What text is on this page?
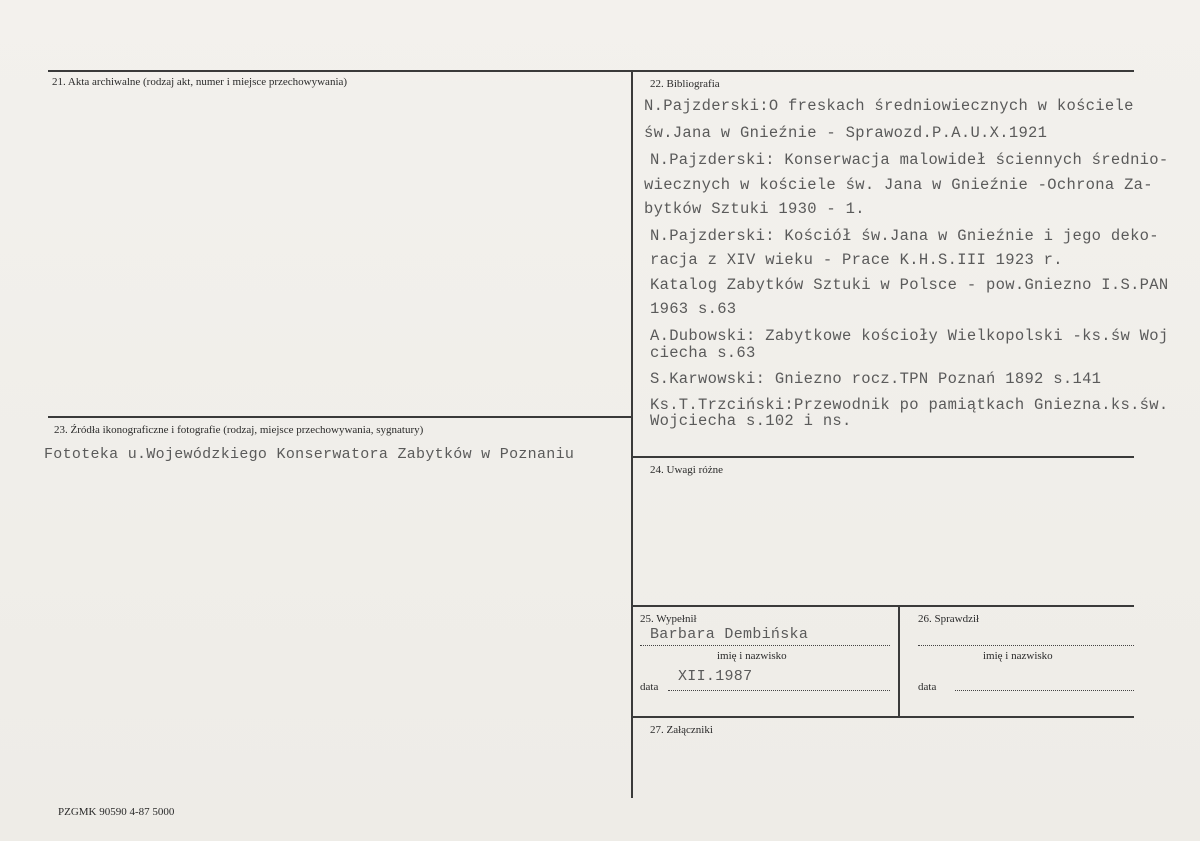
21. Akta archiwalne (rodzaj akt, numer i miejsce przechowywania)
	22. Bibliografia
N.Pajzderski:O freskach średniowiecznych w kościele
św.Jana w Gnieźnie - Sprawozd.P.A.U.X.1921
N.Pajzderski: Konserwacja malowideł ściennych średnio-
wiecznych w kościele św. Jana w Gnieźnie -Ochrona Za-
bytków Sztuki 1930 - 1.
N.Pajzderski: Kościół św.Jana w Gnieźnie i jego deko-
racja z XIV wieku - Prace K.H.S.III 1923 r.
Katalog Zabytków Sztuki w Polsce - pow.Gniezno I.S.PAN
1963 s.63
A.Dubowski: Zabytkowe kościoły Wielkopolski -ks.św Woj
ciecha s.63
S.Karwowski: Gniezno rocz.TPN Poznań 1892 s.141
Ks.T.Trzciński:Przewodnik po pamiątkach Gniezna.ks.św.
Wojciecha s.102 i ns.
23. Źródła ikonograficzne i fotografie (rodzaj, miejsce przechowywania, sygnatury)
Fototeka u.Wojewódzkiego Konserwatora Zabytków w Poznaniu
24. Uwagi różne
25. Wypełnił
Barbara Dembińska
imię i nazwisko
data
XII.1987
26. Sprawdził
imię i nazwisko
data
27. Załączniki
PZGMK 90590 4-87 5000
